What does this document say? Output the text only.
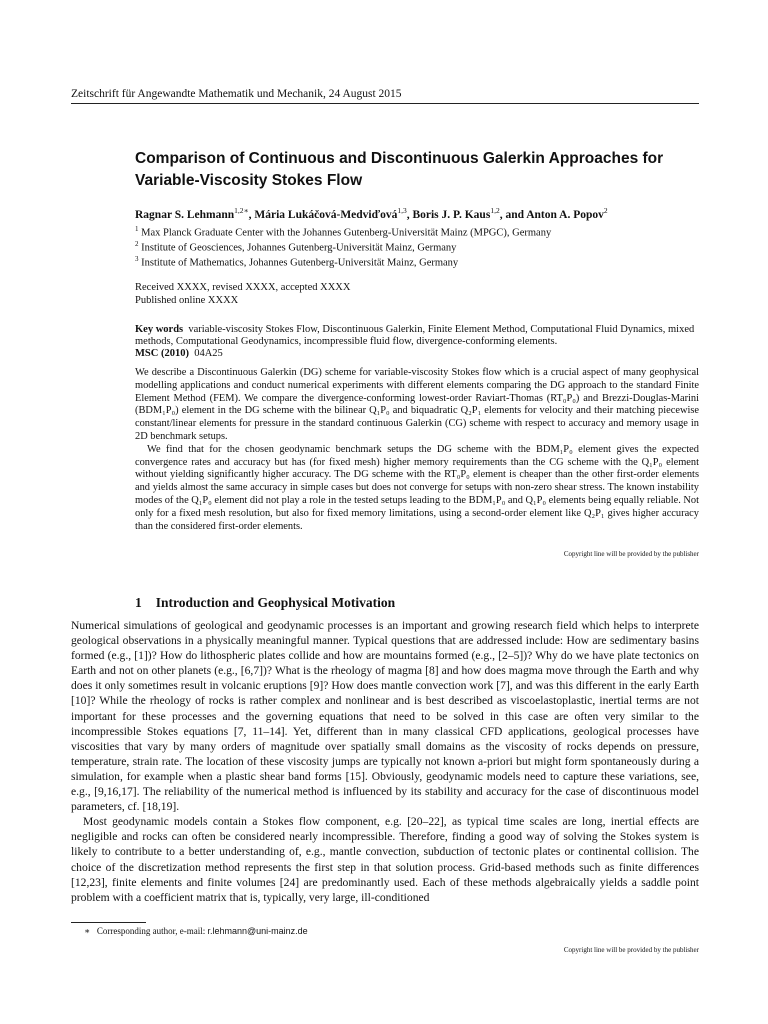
Zeitschrift für Angewandte Mathematik und Mechanik, 24 August 2015
Comparison of Continuous and Discontinuous Galerkin Approaches for Variable-Viscosity Stokes Flow

Ragnar S. Lehmann$^{1,2∗}$, Mária Lukáčová-Medviďová$^{1,3}$, Boris J. P. Kaus$^{1,2}$, and Anton A. Popov$^2$

$^1$ Max Planck Graduate Center with the Johannes Gutenberg-Universität Mainz (MPGC), Germany

$^2$ Institute of Geosciences, Johannes Gutenberg-Universität Mainz, Germany

$^3$ Institute of Mathematics, Johannes Gutenberg-Universität Mainz, Germany

Received XXXX, revised XXXX, accepted XXXX

Published online XXXX

Key words variable-viscosity Stokes Flow, Discontinuous Galerkin, Finite Element Method, Computational Fluid Dynamics, mixed methods, Computational Geodynamics, incompressible fluid flow, divergence-conforming elements.

MSC (2010) 04A25

We describe a Discontinuous Galerkin (DG) scheme for variable-viscosity Stokes flow which is a crucial aspect of many geophysical modelling applications and conduct numerical experiments with different elements comparing the DG approach to the standard Finite Element Method (FEM). We compare the divergence-conforming lowest-order Raviart-Thomas (RT₀P₀) and Brezzi-Douglas-Marini (BDM₁P₀) element in the DG scheme with the bilinear Q₁P₀ and biquadratic Q₂P₁ elements for velocity and their matching piecewise constant/linear elements for pressure in the standard continuous Galerkin (CG) scheme with respect to accuracy and memory usage in 2D benchmark setups.

We find that for the chosen geodynamic benchmark setups the DG scheme with the BDM₁P₀ element gives the expected convergence rates and accuracy but has (for fixed mesh) higher memory requirements than the CG scheme with the Q₁P₀ element without yielding significantly higher accuracy. The DG scheme with the RT₀P₀ element is cheaper than the other first-order elements and yields almost the same accuracy in simple cases but does not converge for setups with non-zero shear stress. The known instability modes of the Q₁P₀ element did not play a role in the tested setups leading to the BDM₁P₀ and Q₁P₀ elements being equally reliable. Not only for a fixed mesh resolution, but also for fixed memory limitations, using a second-order element like Q₂P₁ gives higher accuracy than the considered first-order elements.

Copyright line will be provided by the publisher
1 Introduction and Geophysical Motivation

Numerical simulations of geological and geodynamic processes is an important and growing research field which helps to interprete geological observations in a physically meaningful manner. Typical questions that are addressed include: How are sedimentary basins formed (e.g., [1])? How do lithospheric plates collide and how are mountains formed (e.g., [2–5])? Why do we have plate tectonics on Earth and not on other planets (e.g., [6,7])? What is the rheology of magma [8] and how does magma move through the Earth and why does it only sometimes result in volcanic eruptions [9]? How does mantle convection work [7], and was this different in the early Earth [10]? While the rheology of rocks is rather complex and nonlinear and is best described as viscoelastoplastic, inertial terms are not important for these processes and the governing equations that need to be solved in this case are often very similar to the incompressible Stokes equations [7, 11–14]. Yet, different than in many classical CFD applications, geological processes have viscosities that vary by many orders of magnitude over spatially small domains as the viscosity of rocks depends on pressure, temperature, strain rate. The location of these viscosity jumps are typically not known a-priori but might form spontaneously during a simulation, for example when a plastic shear band forms [15]. Obviously, geodynamic models need to capture these variations, see, e.g., [9,16,17]. The reliability of the numerical method is influenced by its stability and accuracy for the case of discontinuous model parameters, cf. [18,19].

Most geodynamic models contain a Stokes flow component, e.g. [20–22], as typical time scales are long, inertial effects are negligible and rocks can often be considered nearly incompressible. Therefore, finding a good way of solving the Stokes system is likely to contribute to a better understanding of, e.g., mantle convection, subduction of tectonic plates or continental collision. The choice of the discretization method represents the first step in that solution process. Grid-based methods such as finite differences [12,23], finite elements and finite volumes [24] are predominantly used. Each of these methods algebraically yields a saddle point problem with a coefficient matrix that is, typically, very large, ill-conditioned

∗ Corresponding author, e-mail: r.lehmann@uni-mainz.de
Copyright line will be provided by the publisher
